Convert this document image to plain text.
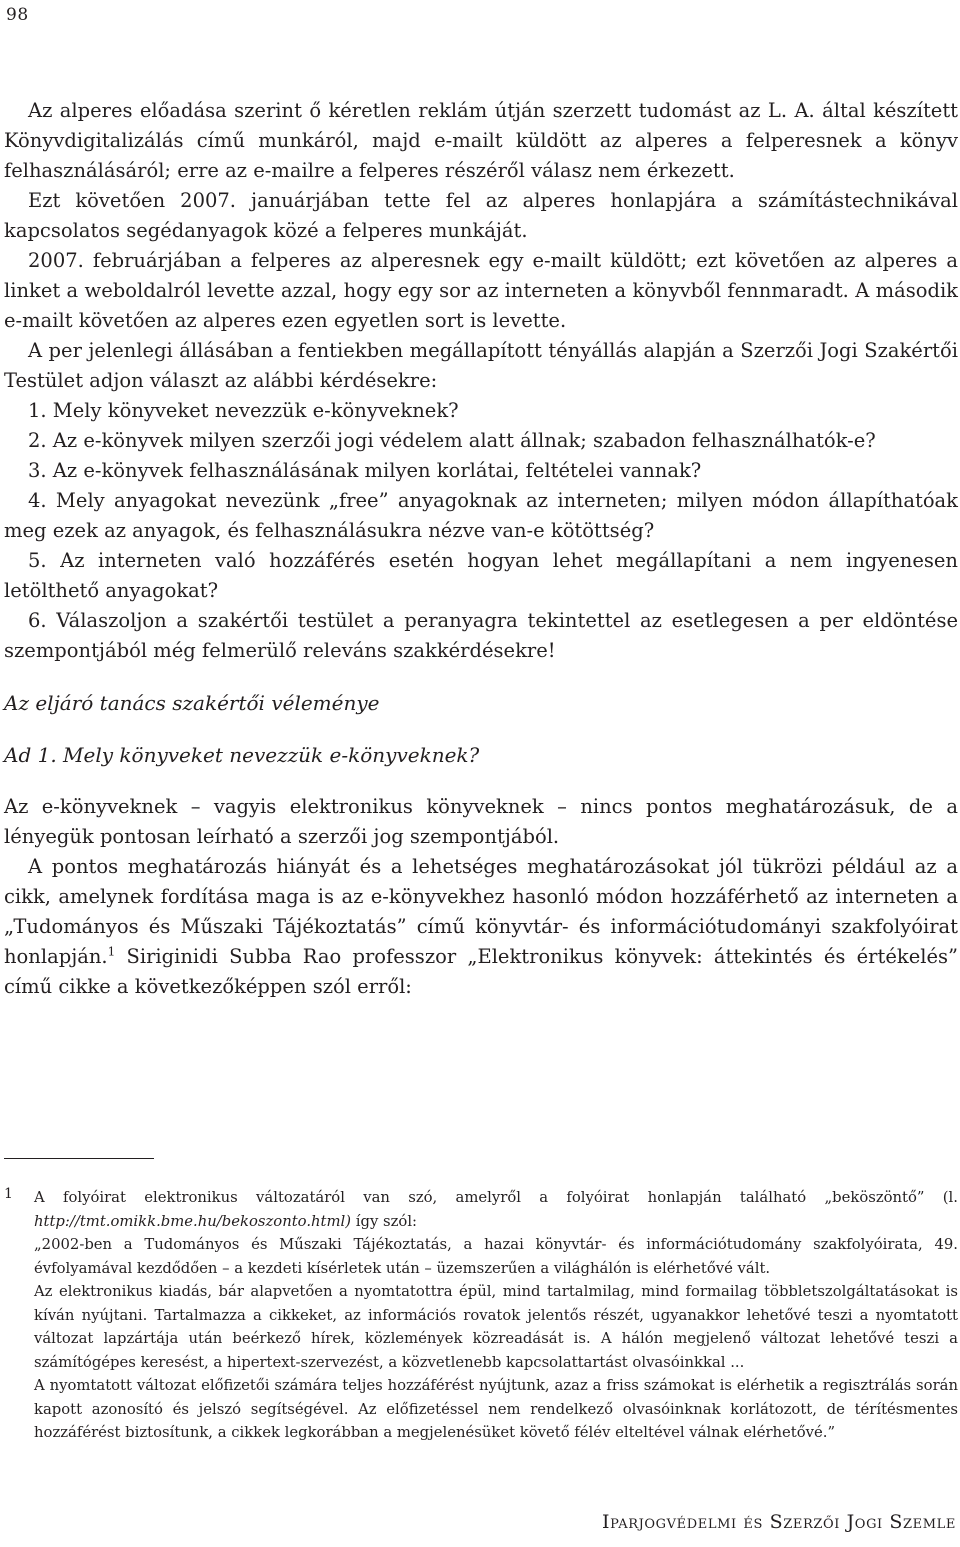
98

Az alperes előadása szerint ő kéretlen reklám útján szerzett tudomást az L. A. által készített Könyvdigitalizálás című munkáról, majd e-mailt küldött az alperes a felperesnek a könyv felhasználásáról; erre az e-mailre a felperes részéről válasz nem érkezett.

Ezt követően 2007. januárjában tette fel az alperes honlapjára a számítástechnikával kapcsolatos segédanyagok közé a felperes munkáját.

2007. februárjában a felperes az alperesnek egy e-mailt küldött; ezt követően az alperes a linket a weboldalról levette azzal, hogy egy sor az interneten a könyvből fennmaradt. A második e-mailt követően az alperes ezen egyetlen sort is levette.

A per jelenlegi állásában a fentiekben megállapított tényállás alapján a Szerzői Jogi Szakértői Testület adjon választ az alábbi kérdésekre:

1. Mely könyveket nevezzük e-könyveknek?

2. Az e-könyvek milyen szerzői jogi védelem alatt állnak; szabadon felhasználhatók-e?

3. Az e-könyvek felhasználásának milyen korlátai, feltételei vannak?

4. Mely anyagokat nevezünk „free” anyagoknak az interneten; milyen módon állapíthatóak meg ezek az anyagok, és felhasználásukra nézve van-e kötöttség?

5. Az interneten való hozzáférés esetén hogyan lehet megállapítani a nem ingyenesen letölthető anyagokat?

6. Válaszoljon a szakértői testület a peranyagra tekintettel az esetlegesen a per eldöntése szempontjából még felmerülő releváns szakkérdésekre!

Az eljáró tanács szakértői véleménye

Ad 1. Mely könyveket nevezzük e-könyveknek?

Az e-könyveknek – vagyis elektronikus könyveknek – nincs pontos meghatározásuk, de a lényegük pontosan leírható a szerzői jog szempontjából.

A pontos meghatározás hiányát és a lehetséges meghatározásokat jól tükrözi például az a cikk, amelynek fordítása maga is az e-könyvekhez hasonló módon hozzáférhető az interneten a „Tudományos és Műszaki Tájékoztatás” című könyvtár- és információtudományi szakfolyóirat honlapján.$^1$ Siriginidi Subba Rao professzor „Elektronikus könyvek: áttekintés és értékelés” című cikke a következőképpen szól erről:

1 A folyóirat elektronikus változatáról van szó, amelyről a folyóirat honlapján található „beköszöntő” (l. http://tmt.omikk.bme.hu/bekoszonto.html) így szól:

„2002-ben a Tudományos és Műszaki Tájékoztatás, a hazai könyvtár- és információtudomány szakfolyóirata, 49. évfolyamával kezdődően – a kezdeti kísérletek után – üzemszerűen a világhálón is elérhetővé vált.

Az elektronikus kiadás, bár alapvetően a nyomtatottra épül, mind tartalmilag, mind formailag többletszolgáltatásokat is kíván nyújtani. Tartalmazza a cikkeket, az információs rovatok jelentős részét, ugyanakkor lehetővé teszi a nyomtatott változat lapzártája után beérkező hírek, közlemények közreadását is. A hálón megjelenő változat lehetővé teszi a számítógépes keresést, a hipertext-szervezést, a közvetlenebb kapcsolattartást olvasóinkkal ...

A nyomtatott változat előfizetői számára teljes hozzáférést nyújtunk, azaz a friss számokat is elérhetik a regisztrálás során kapott azonosító és jelszó segítségével. Az előfizetéssel nem rendelkező olvasóinknak korlátozott, de térítésmentes hozzáférést biztosítunk, a cikkek legkorábban a megjelenésüket követő félév elteltével válnak elérhetővé.”

Iparjogvédelmi és Szerzői Jogi Szemle
